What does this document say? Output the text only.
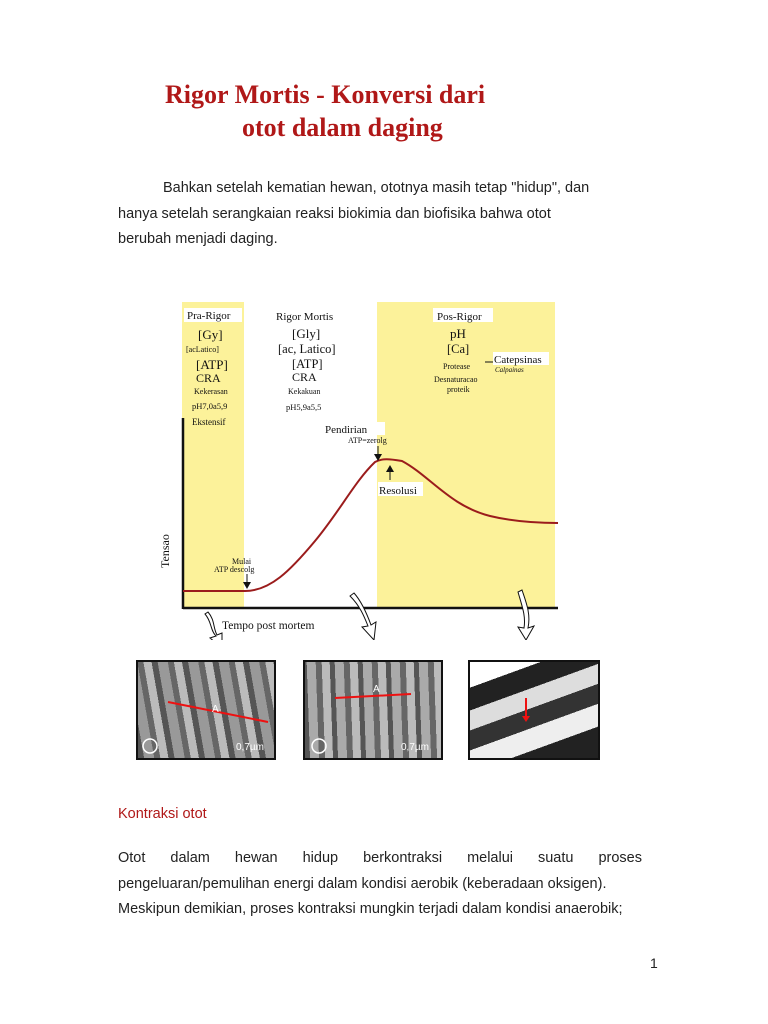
Rigor Mortis - Konversi dari
otot dalam daging
Bahkan setelah kematian hewan, ototnya masih tetap "hidup", dan
hanya setelah serangkaian reaksi biokimia dan biofisika bahwa otot
berubah menjadi daging.
Pra-Rigor
[Gy]
[acLatico]
[ATP]
CRA
Kekerasan
pH7,0a5,9
Ekstensif
Rigor Mortis
[Gly]
[ac, Latico]
[ATP]
CRA
Kekakuan
pH5,9a5,5
Pos-Rigor
pH
[Ca]
Protease
Desnaturacao
proteik
Catepsinas
Calpainas
Pendirian
ATP=zerolg
Resolusi
Mulai
ATP descolg
Tensao
Tempo post mortem
A
0,7µm
A
0,7µm
Kontraksi otot
Otot dalam hewan hidup berkontraksi melalui suatu proses
pengeluaran/pemulihan energi dalam kondisi aerobik (keberadaan oksigen).
Meskipun demikian, proses kontraksi mungkin terjadi dalam kondisi anaerobik;
1
